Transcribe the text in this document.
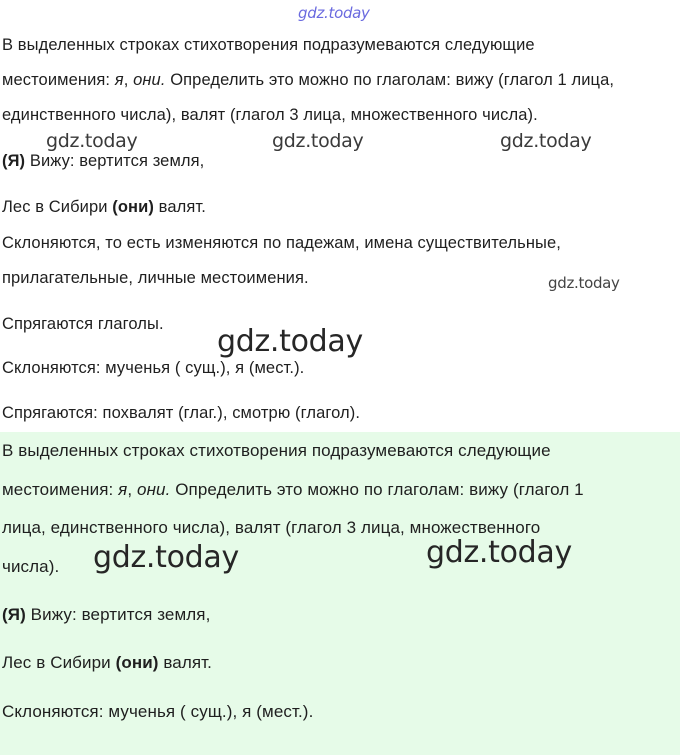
В выделенных строках стихотворения подразумеваются следующие

местоимения: я, они. Определить это можно по глаголам: вижу (глагол 1 лица,

единственного числа), валят (глагол 3 лица, множественного числа).

(Я) Вижу: вертится земля,

Лес в Сибири (они) валят.

Склоняются, то есть изменяются по падежам, имена существительные,

прилагательные, личные местоимения.

Спрягаются глаголы.

Склоняются: мученья ( сущ.), я (мест.).

Спрягаются: похвалят (глаг.), смотрю (глагол).

В выделенных строках стихотворения подразумеваются следующие

местоимения: я, они. Определить это можно по глаголам: вижу (глагол 1

лица, единственного числа), валят (глагол 3 лица, множественного

числа).

(Я) Вижу: вертится земля,

Лес в Сибири (они) валят.

Склоняются: мученья ( сущ.), я (мест.).

gdz.today

gdz.today	gdz.today	gdz.today

gdz.today

gdz.today

gdz.today	gdz.today
